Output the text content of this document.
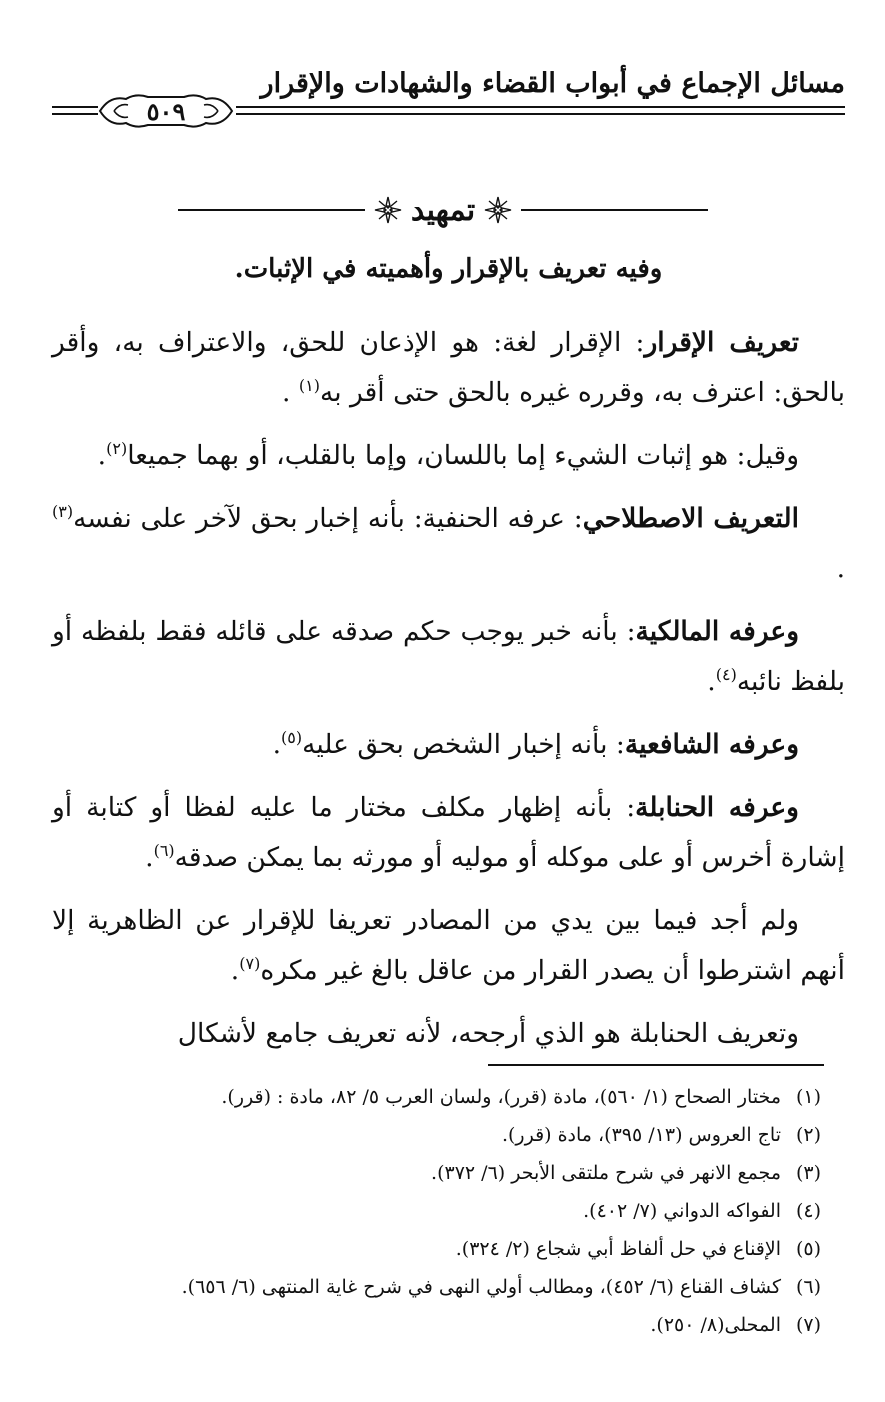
مسائل الإجماع في أبواب القضاء والشهادات والإقرار
٥٠٩
تمهيد
وفيه تعريف بالإقرار وأهميته في الإثبات.

تعريف الإقرار: الإقرار لغة: هو الإذعان للحق، والاعتراف به، وأقر بالحق: اعترف به، وقرره غيره بالحق حتى أقر به$^{(١)}$ .

وقيل: هو إثبات الشيء إما باللسان، وإما بالقلب، أو بهما جميعا$^{(٢)}$.

التعريف الاصطلاحي: عرفه الحنفية: بأنه إخبار بحق لآخر على نفسه$^{(٣)}$ .

وعرفه المالكية: بأنه خبر يوجب حكم صدقه على قائله فقط بلفظه أو بلفظ نائبه$^{(٤)}$.

وعرفه الشافعية: بأنه إخبار الشخص بحق عليه$^{(٥)}$.

وعرفه الحنابلة: بأنه إظهار مكلف مختار ما عليه لفظا أو كتابة أو إشارة أخرس أو على موكله أو موليه أو مورثه بما يمكن صدقه$^{(٦)}$.

ولم أجد فيما بين يدي من المصادر تعريفا للإقرار عن الظاهرية إلا أنهم اشترطوا أن يصدر القرار من عاقل بالغ غير مكره$^{(٧)}$.

وتعريف الحنابلة هو الذي أرجحه، لأنه تعريف جامع لأشكال

(١)
مختار الصحاح (١/ ٥٦٠)، مادة (قرر)، ولسان العرب ٥/ ٨٢، مادة : (قرر).
(٢)
تاج العروس (١٣/ ٣٩٥)، مادة (قرر).
(٣)
مجمع الانهر في شرح ملتقى الأبحر (٦/ ٣٧٢).
(٤)
الفواكه الدواني (٧/ ٤٠٢).
(٥)
الإقناع في حل ألفاظ أبي شجاع (٢/ ٣٢٤).
(٦)
كشاف القناع (٦/ ٤٥٢)، ومطالب أولي النهى في شرح غاية المنتهى (٦/ ٦٥٦).
(٧)
المحلى(٨/ ٢٥٠).
